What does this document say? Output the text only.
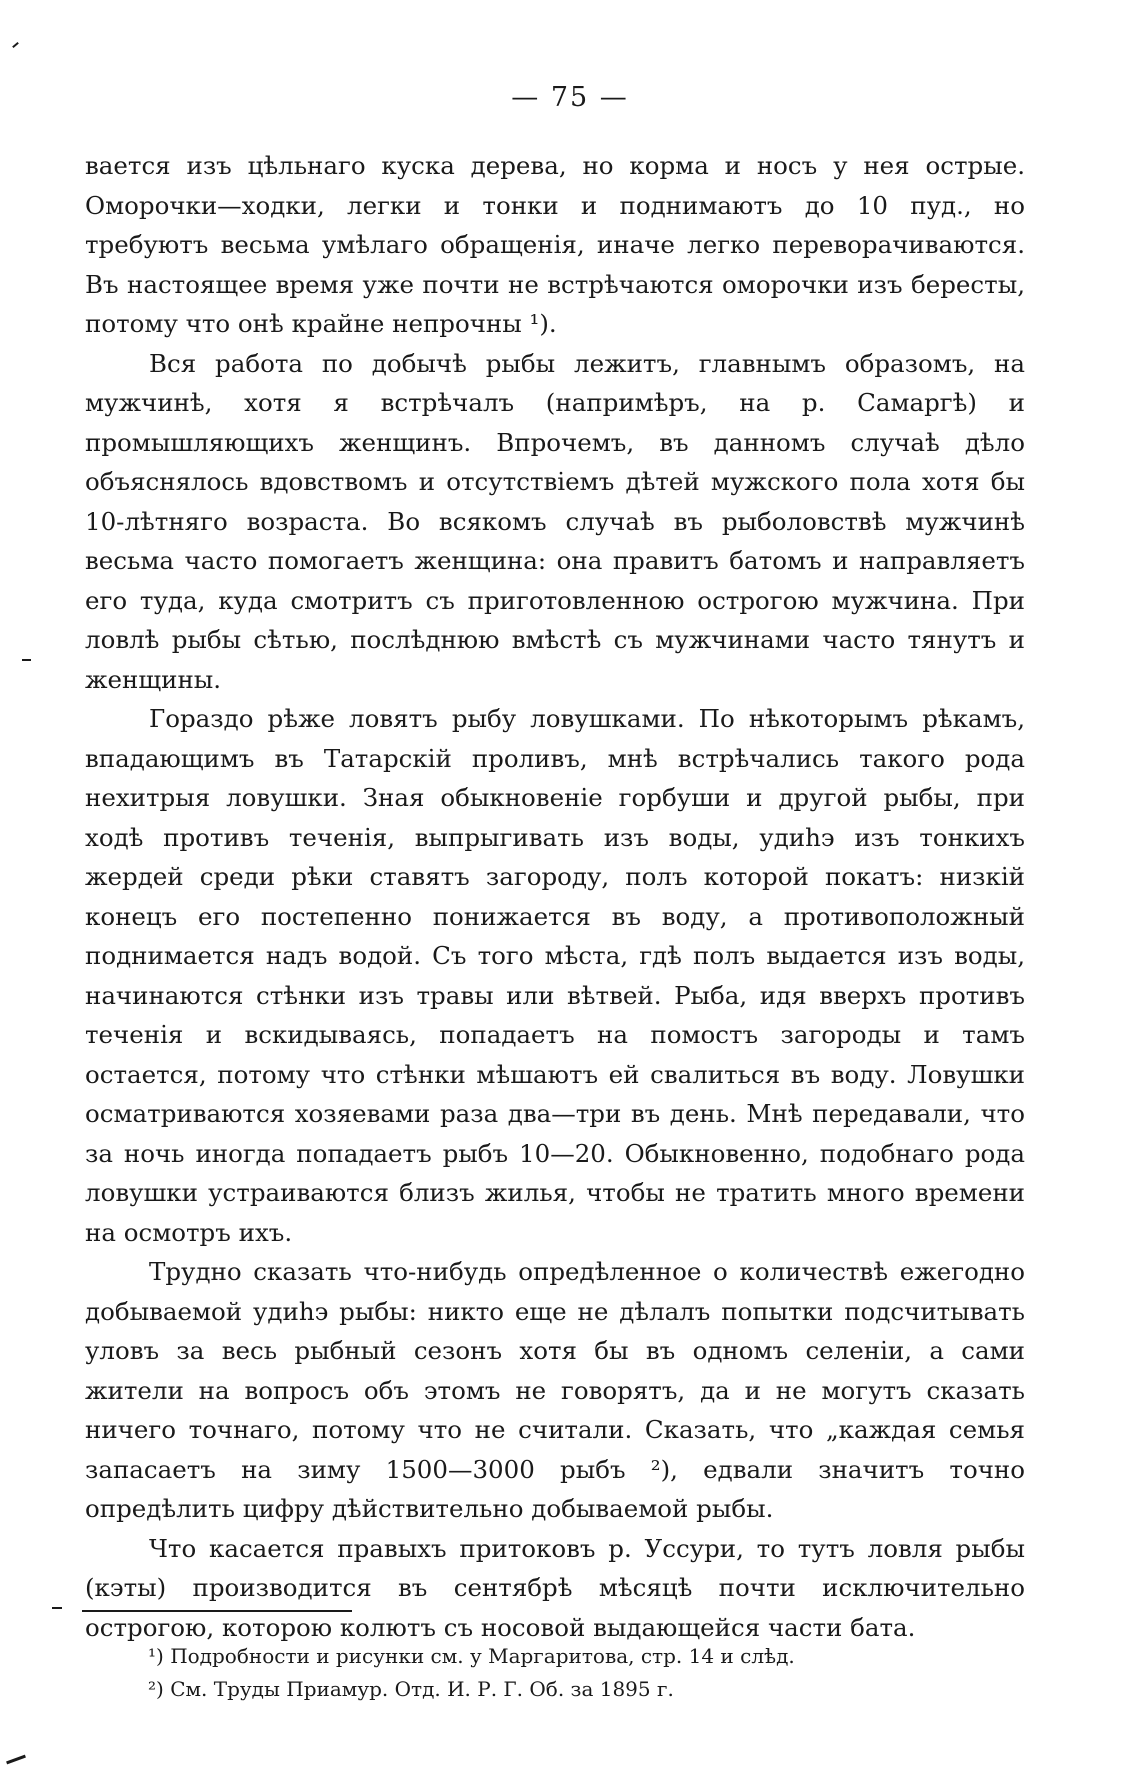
— 75 —

вается изъ цѣльнаго куска дерева, но корма и носъ у нея острые. Оморочки—ходки, легки и тонки и поднимаютъ до 10 пуд., но требуютъ весьма умѣлаго обращенія, иначе легко переворачиваются. Въ настоящее время уже почти не встрѣчаются оморочки изъ бересты, потому что онѣ крайне непрочны ¹).

Вся работа по добычѣ рыбы лежитъ, главнымъ образомъ, на мужчинѣ, хотя я встрѣчалъ (напримѣръ, на р. Самаргѣ) и промышляющихъ женщинъ. Впрочемъ, въ данномъ случаѣ дѣло объяснялось вдовствомъ и отсутствіемъ дѣтей мужского пола хотя бы 10-лѣтняго возраста. Во всякомъ случаѣ въ рыболовствѣ мужчинѣ весьма часто помогаетъ женщина: она правитъ батомъ и направляетъ его туда, куда смотритъ съ приготовленною острогою мужчина. При ловлѣ рыбы сѣтью, послѣднюю вмѣстѣ съ мужчинами часто тянутъ и женщины.

Гораздо рѣже ловятъ рыбу ловушками. По нѣкоторымъ рѣкамъ, впадающимъ въ Татарскій проливъ, мнѣ встрѣчались такого рода нехитрыя ловушки. Зная обыкновеніе горбуши и другой рыбы, при ходѣ противъ теченія, выпрыгивать изъ воды, удиһэ изъ тонкихъ жердей среди рѣки ставятъ загороду, полъ которой покатъ: низкій конецъ его постепенно понижается въ воду, а противоположный поднимается надъ водой. Съ того мѣста, гдѣ полъ выдается изъ воды, начинаются стѣнки изъ травы или вѣтвей. Рыба, идя вверхъ противъ теченія и вскидываясь, попадаетъ на помостъ загороды и тамъ остается, потому что стѣнки мѣшаютъ ей свалиться въ воду. Ловушки осматриваются хозяевами раза два—три въ день. Мнѣ передавали, что за ночь иногда попадаетъ рыбъ 10—20. Обыкновенно, подобнаго рода ловушки устраиваются близъ жилья, чтобы не тратить много времени на осмотръ ихъ.

Трудно сказать что-нибудь опредѣленное о количествѣ ежегодно добываемой удиһэ рыбы: никто еще не дѣлалъ попытки подсчитывать уловъ за весь рыбный сезонъ хотя бы въ одномъ селеніи, а сами жители на вопросъ объ этомъ не говорятъ, да и не могутъ сказать ничего точнаго, потому что не считали. Сказать, что „каждая семья запасаетъ на зиму 1500—3000 рыбъ ²), едвали значитъ точно опредѣлить цифру дѣйствительно добываемой рыбы.

Что касается правыхъ притоковъ р. Уссури, то тутъ ловля рыбы (кэты) производится въ сентябрѣ мѣсяцѣ почти исключительно острогою, которою колютъ съ носовой выдающейся части бата.

¹) Подробности и рисунки см. у Маргаритова, стр. 14 и слѣд.

²) См. Труды Приамур. Отд. И. Р. Г. Об. за 1895 г.
